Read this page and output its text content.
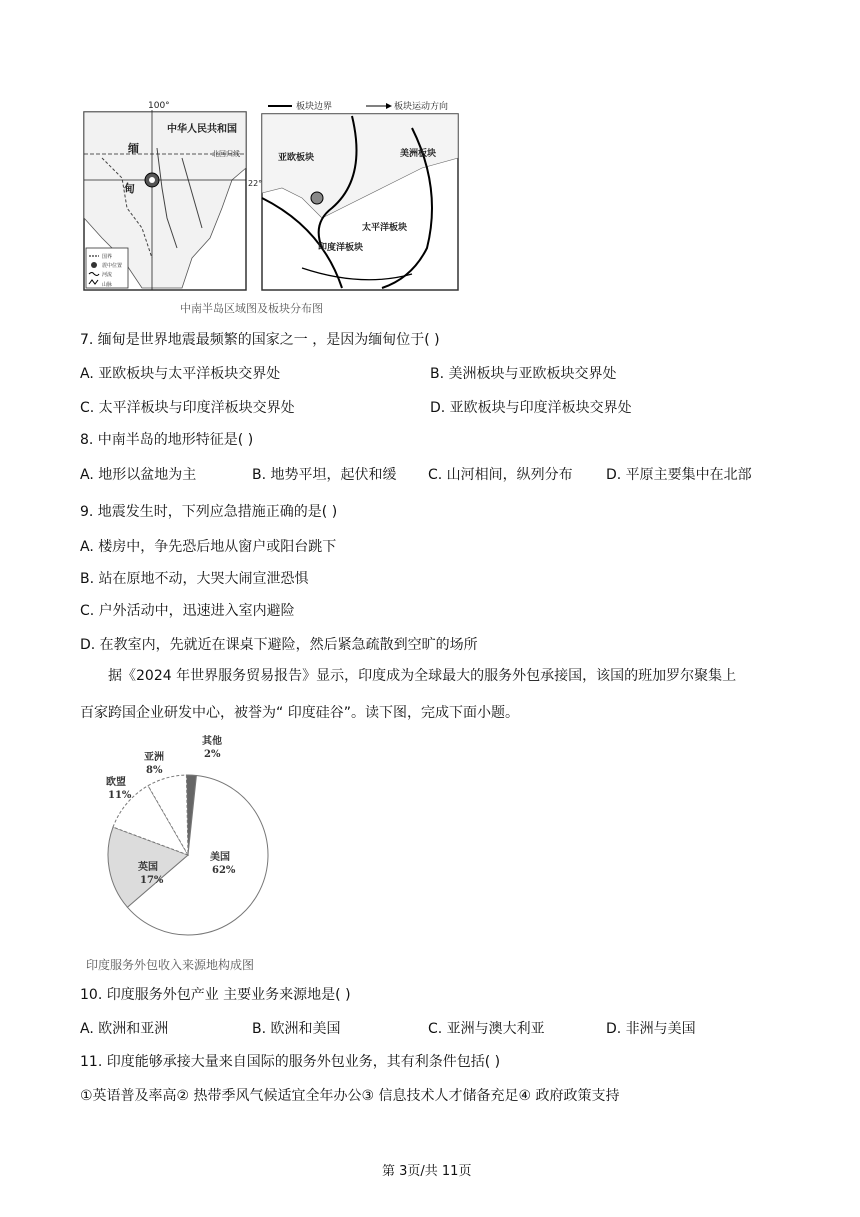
100°
中华人民共和国
北回归线
22°
缅
甸
国界
震中位置
河流
山脉
板块边界	板块运动方向
亚欧板块	美洲板块
太平洋板块
印度洋板块
中南半岛区域图及板块分布图
7. 缅甸是世界地震最频繁的国家之一 ，是因为缅甸位于( )
A. 亚欧板块与太平洋板块交界处	B. 美洲板块与亚欧板块交界处
C. 太平洋板块与印度洋板块交界处	D. 亚欧板块与印度洋板块交界处
8. 中南半岛的地形特征是( )
A. 地形以盆地为主	B. 地势平坦，起伏和缓 C. 山河相间，纵列分布 D. 平原主要集中在北部
9. 地震发生时，下列应急措施正确的是( )
A. 楼房中，争先恐后地从窗户或阳台跳下
B. 站在原地不动，大哭大闹宣泄恐惧
C. 户外活动中，迅速进入室内避险
D. 在教室内，先就近在课桌下避险，然后紧急疏散到空旷的场所
据《2024 年世界服务贸易报告》显示，印度成为全球最大的服务外包承接国，该国的班加罗尔聚集上
百家跨国企业研发中心，被誉为“ 印度硅谷”。读下图，完成下面小题。
其他
2%
美国
62%
英国
17%
欧盟
11%
亚洲
8%
印度服务外包收入来源地构成图
10. 印度服务外包产业 主要业务来源地是( )
A. 欧洲和亚洲	B. 欧洲和美国	C. 亚洲与澳大利亚	D. 非洲与美国
11. 印度能够承接大量来自国际的服务外包业务，其有利条件包括( )
①英语普及率高② 热带季风气候适宜全年办公③ 信息技术人才储备充足④ 政府政策支持
第 3页/共 11页
